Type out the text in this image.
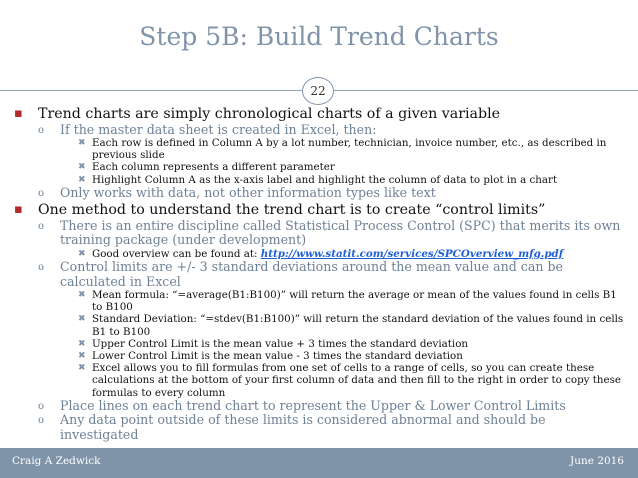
Step 5B: Build Trend Charts
22
▪ Trend charts are simply chronological charts of a given variable
o If the master data sheet is created in Excel, then:
✖ Each row is defined in Column A by a lot number, technician, invoice number, etc., as described in previous slide
✖ Each column represents a different parameter
✖ Highlight Column A as the x-axis label and highlight the column of data to plot in a chart
o Only works with data, not other information types like text
▪ One method to understand the trend chart is to create “control limits”
o There is an entire discipline called Statistical Process Control (SPC) that merits its own training package (under development)
✖ Good overview can be found at: http://www.statit.com/services/SPCOverview_mfg.pdf
o Control limits are +/- 3 standard deviations around the mean value and can be calculated in Excel
✖ Mean formula: “=average(B1:B100)” will return the average or mean of the values found in cells B1 to B100
✖ Standard Deviation: “=stdev(B1:B100)” will return the standard deviation of the values found in cells B1 to B100
✖ Upper Control Limit is the mean value + 3 times the standard deviation
✖ Lower Control Limit is the mean value - 3 times the standard deviation
✖ Excel allows you to fill formulas from one set of cells to a range of cells, so you can create these calculations at the bottom of your first column of data and then fill to the right in order to copy these formulas to every column
o Place lines on each trend chart to represent the Upper & Lower Control Limits
o Any data point outside of these limits is considered abnormal and should be investigated
Craig A Zedwick	June 2016
